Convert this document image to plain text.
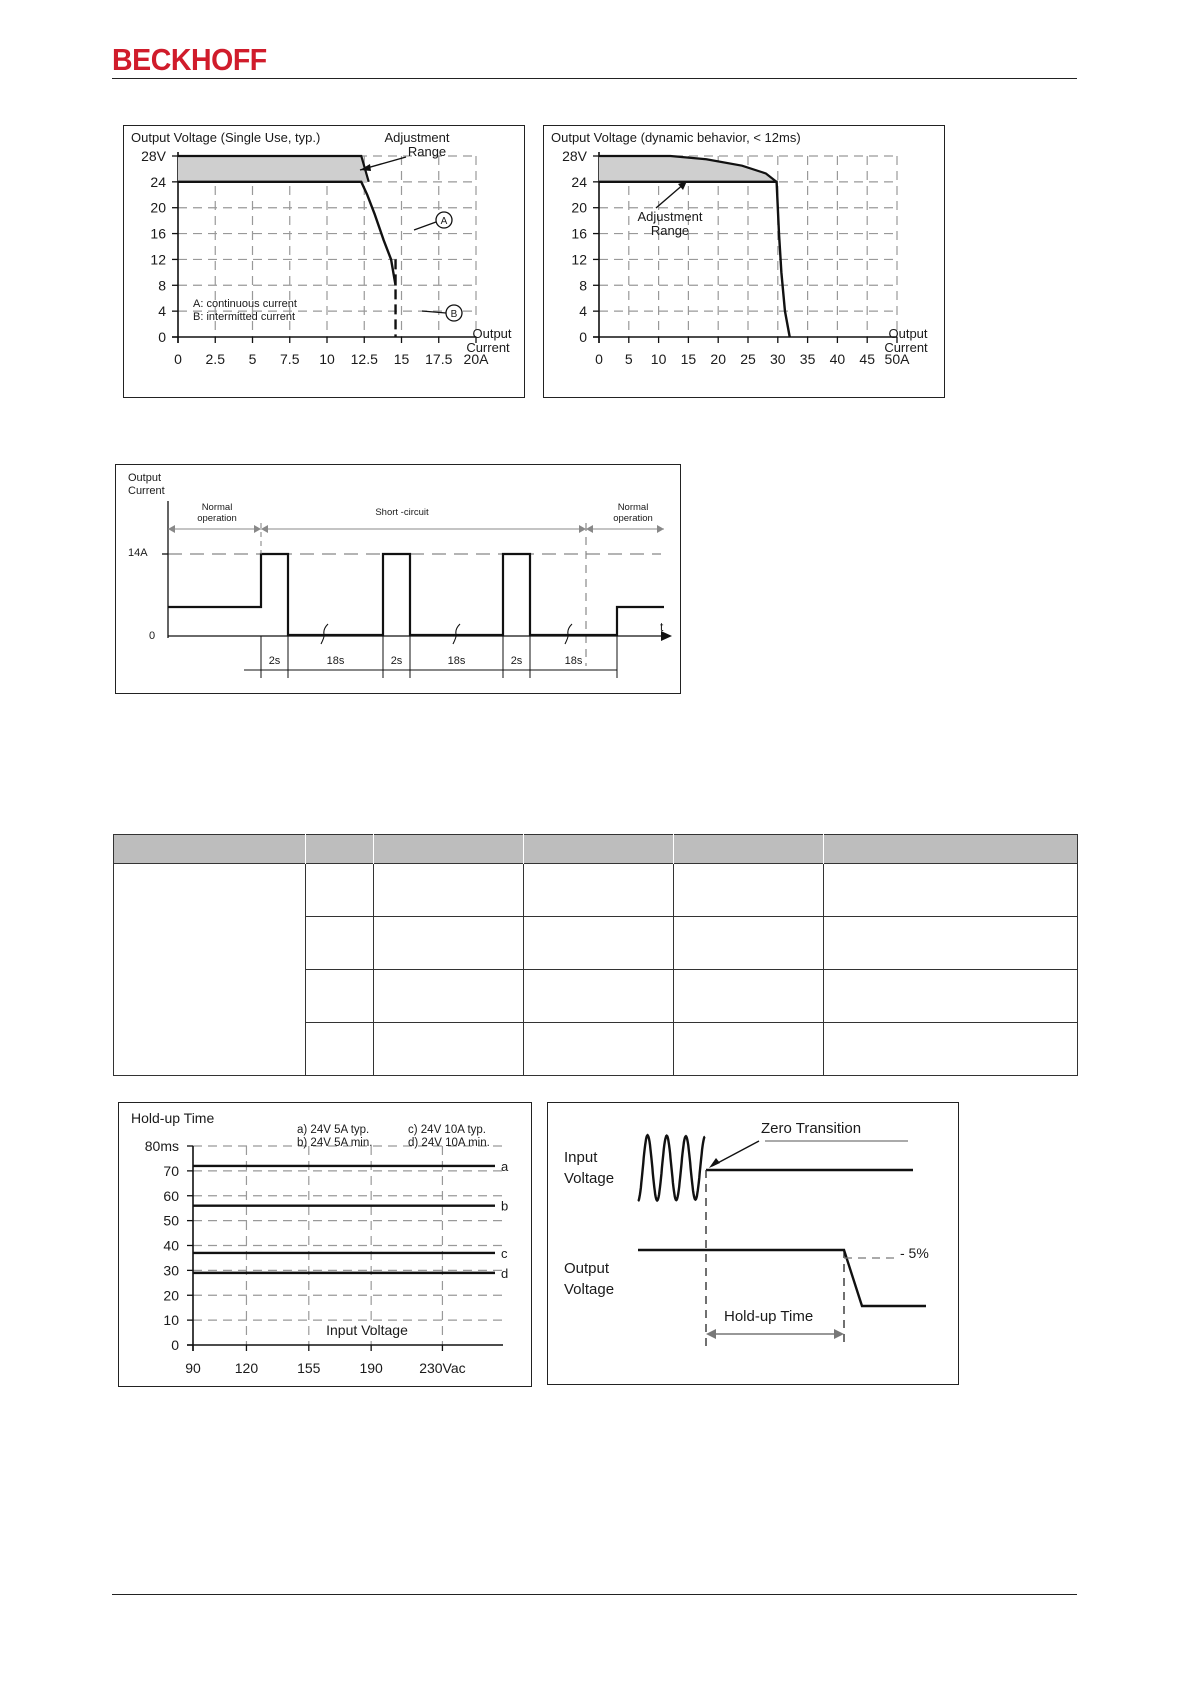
BECKHOFF
Output Voltage (Single Use, typ.)
28V
24
20
16
12
8
4
0
0 2.5 5 7.5 10 12.5 15 17.5 20A
Adjustment
Range
A
B
A: continuous current
B: intermitted current
Output
Current
Output Voltage (dynamic behavior, < 12ms)
28V
24
20
16
12
8
4
0
0 5 10 15 20 25 30 35 40 45 50A
Adjustment
Range
Output
Current
Output
Current
2s	18s	2s	18s	2s	18s
Normal
operation
Short -circuit	Normal
operation
14A
0
t

Hold-up Time
80ms
70
60
50
40
30
20
10
0
90 120	155	190	230Vac
a
b
c
d
a) 24V 5A typ.
b) 24V 5A min.
c) 24V 10A typ.
d) 24V 10A min.
Input Voltage
Input
Voltage
Output
Voltage
Zero Transition
Hold-up Time
- 5%
